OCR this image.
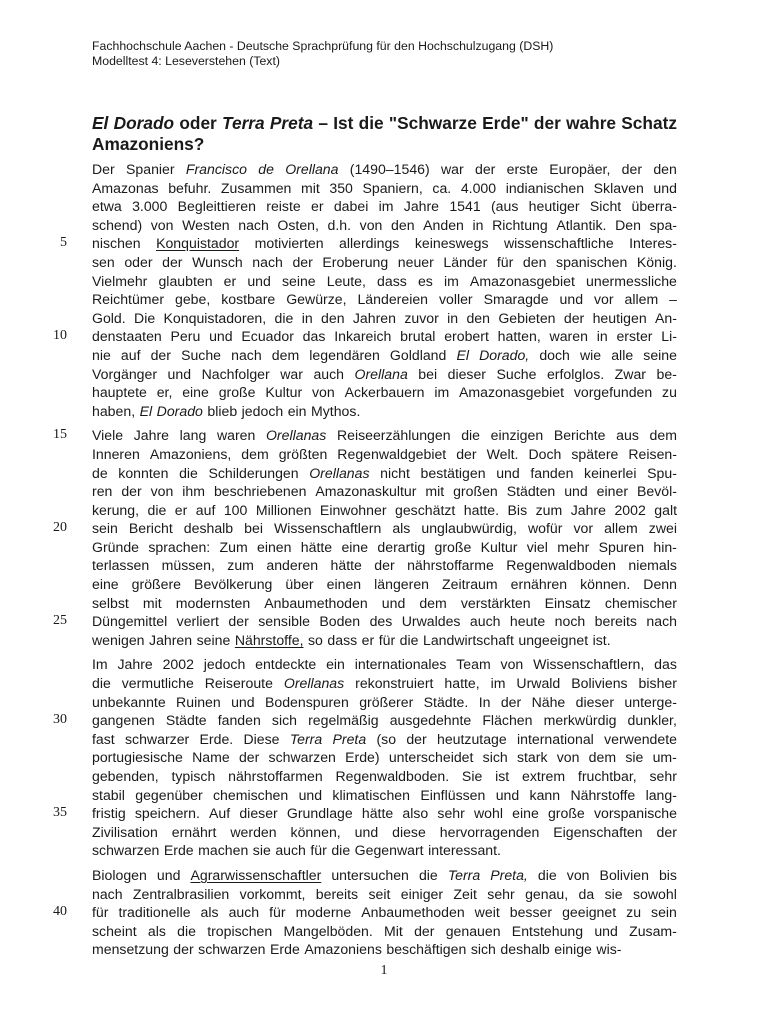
Fachhochschule Aachen - Deutsche Sprachprüfung für den Hochschulzugang (DSH)
Modelltest 4: Leseverstehen (Text)
El Dorado oder Terra Preta – Ist die "Schwarze Erde" der wahre Schatz Amazoniens?
Der Spanier Francisco de Orellana (1490–1546) war der erste Europäer, der den
Amazonas befuhr. Zusammen mit 350 Spaniern, ca. 4.000 indianischen Sklaven und
etwa 3.000 Begleittieren reiste er dabei im Jahre 1541 (aus heutiger Sicht überra-
schend) von Westen nach Osten, d.h. von den Anden in Richtung Atlantik. Den spa-
nischen Konquistador motivierten allerdings keineswegs wissenschaftliche Interes-
5
sen oder der Wunsch nach der Eroberung neuer Länder für den spanischen König.
Vielmehr glaubten er und seine Leute, dass es im Amazonasgebiet unermessliche
Reichtümer gebe, kostbare Gewürze, Ländereien voller Smaragde und vor allem –
Gold. Die Konquistadoren, die in den Jahren zuvor in den Gebieten der heutigen An-
denstaaten Peru und Ecuador das Inkareich brutal erobert hatten, waren in erster Li-
10
nie auf der Suche nach dem legendären Goldland El Dorado, doch wie alle seine
Vorgänger und Nachfolger war auch Orellana bei dieser Suche erfolglos. Zwar be-
hauptete er, eine große Kultur von Ackerbauern im Amazonasgebiet vorgefunden zu
haben, El Dorado blieb jedoch ein Mythos.
Viele Jahre lang waren Orellanas Reiseerzählungen die einzigen Berichte aus dem
15
Inneren Amazoniens, dem größten Regenwaldgebiet der Welt. Doch spätere Reisen-
de konnten die Schilderungen Orellanas nicht bestätigen und fanden keinerlei Spu-
ren der von ihm beschriebenen Amazonaskultur mit großen Städten und einer Bevöl-
kerung, die er auf 100 Millionen Einwohner geschätzt hatte. Bis zum Jahre 2002 galt
sein Bericht deshalb bei Wissenschaftlern als unglaubwürdig, wofür vor allem zwei
20
Gründe sprachen: Zum einen hätte eine derartig große Kultur viel mehr Spuren hin-
terlassen müssen, zum anderen hätte der nährstoffarme Regenwaldboden niemals
eine größere Bevölkerung über einen längeren Zeitraum ernähren können. Denn
selbst mit modernsten Anbaumethoden und dem verstärkten Einsatz chemischer
Düngemittel verliert der sensible Boden des Urwaldes auch heute noch bereits nach
25
wenigen Jahren seine Nährstoffe, so dass er für die Landwirtschaft ungeeignet ist.
Im Jahre 2002 jedoch entdeckte ein internationales Team von Wissenschaftlern, das
die vermutliche Reiseroute Orellanas rekonstruiert hatte, im Urwald Boliviens bisher
unbekannte Ruinen und Bodenspuren größerer Städte. In der Nähe dieser unterge-
gangenen Städte fanden sich regelmäßig ausgedehnte Flächen merkwürdig dunkler,
30
fast schwarzer Erde. Diese Terra Preta (so der heutzutage international verwendete
portugiesische Name der schwarzen Erde) unterscheidet sich stark von dem sie um-
gebenden, typisch nährstoffarmen Regenwaldboden. Sie ist extrem fruchtbar, sehr
stabil gegenüber chemischen und klimatischen Einflüssen und kann Nährstoffe lang-
fristig speichern. Auf dieser Grundlage hätte also sehr wohl eine große vorspanische
35
Zivilisation ernährt werden können, und diese hervorragenden Eigenschaften der
schwarzen Erde machen sie auch für die Gegenwart interessant.
Biologen und Agrarwissenschaftler untersuchen die Terra Preta, die von Bolivien bis
nach Zentralbrasilien vorkommt, bereits seit einiger Zeit sehr genau, da sie sowohl
für traditionelle als auch für moderne Anbaumethoden weit besser geeignet zu sein
40
scheint als die tropischen Mangelböden. Mit der genauen Entstehung und Zusam-
mensetzung der schwarzen Erde Amazoniens beschäftigen sich deshalb einige wis-
1
